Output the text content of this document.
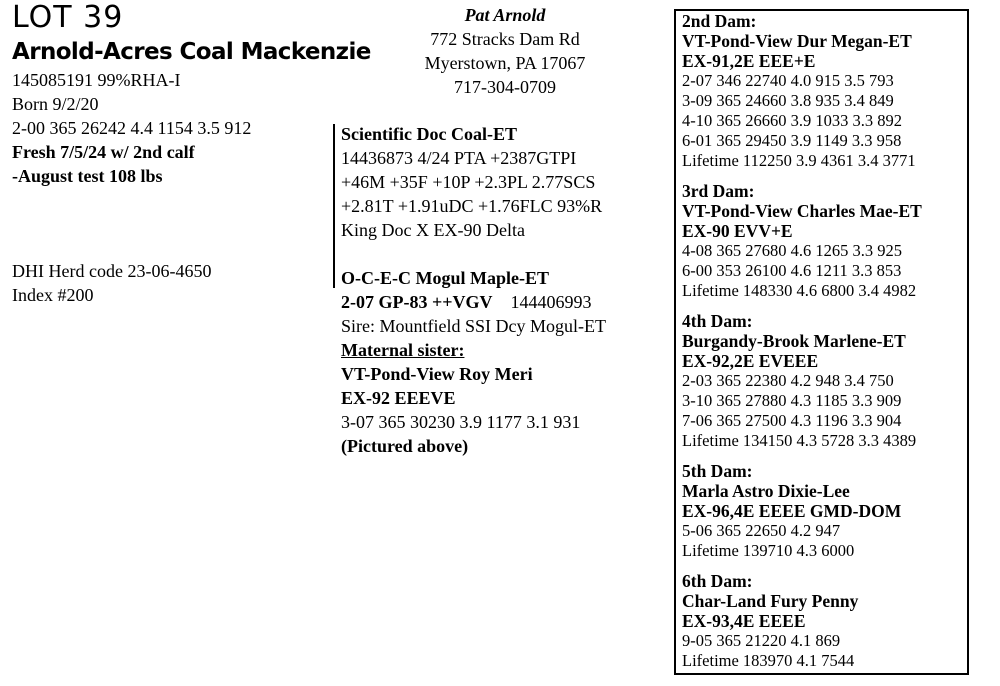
LOT 39
Arnold-Acres Coal Mackenzie
145085191 99%RHA-I
Born 9/2/20
2-00 365 26242 4.4 1154 3.5 912
Fresh 7/5/24 w/ 2nd calf
-August test 108 lbs
DHI Herd code 23-06-4650
Index #200
Pat Arnold
772 Stracks Dam Rd
Myerstown, PA 17067
717-304-0709
Scientific Doc Coal-ET
14436873 4/24 PTA +2387GTPI
+46M +35F +10P +2.3PL 2.77SCS
+2.81T +1.91uDC +1.76FLC 93%R
King Doc X EX-90 Delta
O-C-E-C Mogul Maple-ET
2-07 GP-83 ++VGV 144406993
Sire: Mountfield SSI Dcy Mogul-ET
Maternal sister:
VT-Pond-View Roy Meri
EX-92 EEEVE
3-07 365 30230 3.9 1177 3.1 931
(Pictured above)
2nd Dam:
VT-Pond-View Dur Megan-ET
EX-91,2E EEE+E
2-07 346 22740 4.0 915 3.5 793
3-09 365 24660 3.8 935 3.4 849
4-10 365 26660 3.9 1033 3.3 892
6-01 365 29450 3.9 1149 3.3 958
Lifetime 112250 3.9 4361 3.4 3771
3rd Dam:
VT-Pond-View Charles Mae-ET
EX-90 EVV+E
4-08 365 27680 4.6 1265 3.3 925
6-00 353 26100 4.6 1211 3.3 853
Lifetime 148330 4.6 6800 3.4 4982
4th Dam:
Burgandy-Brook Marlene-ET
EX-92,2E EVEEE
2-03 365 22380 4.2 948 3.4 750
3-10 365 27880 4.3 1185 3.3 909
7-06 365 27500 4.3 1196 3.3 904
Lifetime 134150 4.3 5728 3.3 4389
5th Dam:
Marla Astro Dixie-Lee
EX-96,4E EEEE GMD-DOM
5-06 365 22650 4.2 947
Lifetime 139710 4.3 6000
6th Dam:
Char-Land Fury Penny
EX-93,4E EEEE
9-05 365 21220 4.1 869
Lifetime 183970 4.1 7544
